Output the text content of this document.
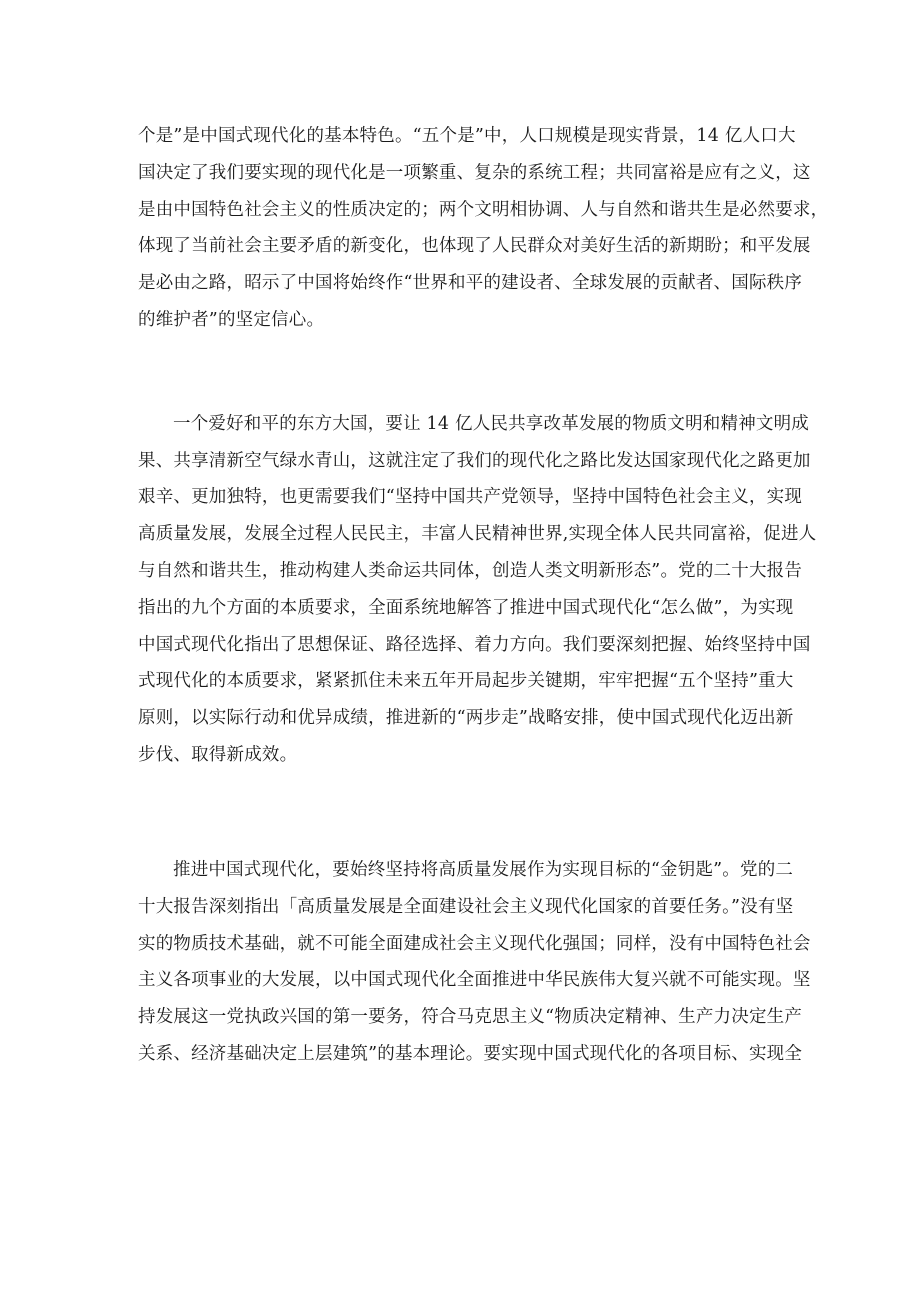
个是”是中国式现代化的基本特色。“五个是”中，人口规模是现实背景，14 亿人口大
国决定了我们要实现的现代化是一项繁重、复杂的系统工程；共同富裕是应有之义，这
是由中国特色社会主义的性质决定的；两个文明相协调、人与自然和谐共生是必然要求，
体现了当前社会主要矛盾的新变化，也体现了人民群众对美好生活的新期盼；和平发展
是必由之路，昭示了中国将始终作“世界和平的建设者、全球发展的贡献者、国际秩序
的维护者”的坚定信心。
一个爱好和平的东方大国，要让 14 亿人民共享改革发展的物质文明和精神文明成
果、共享清新空气绿水青山，这就注定了我们的现代化之路比发达国家现代化之路更加
艰辛、更加独特，也更需要我们“坚持中国共产党领导，坚持中国特色社会主义，实现
高质量发展，发展全过程人民民主，丰富人民精神世界,实现全体人民共同富裕，促进人
与自然和谐共生，推动构建人类命运共同体，创造人类文明新形态”。党的二十大报告
指出的九个方面的本质要求，全面系统地解答了推进中国式现代化“怎么做”，为实现
中国式现代化指出了思想保证、路径选择、着力方向。我们要深刻把握、始终坚持中国
式现代化的本质要求，紧紧抓住未来五年开局起步关键期，牢牢把握“五个坚持”重大
原则，以实际行动和优异成绩，推进新的“两步走”战略安排，使中国式现代化迈出新
步伐、取得新成效。
推进中国式现代化，要始终坚持将高质量发展作为实现目标的“金钥匙”。党的二
十大报告深刻指出「高质量发展是全面建设社会主义现代化国家的首要任务。”没有坚
实的物质技术基础，就不可能全面建成社会主义现代化强国；同样，没有中国特色社会
主义各项事业的大发展，以中国式现代化全面推进中华民族伟大复兴就不可能实现。坚
持发展这一党执政兴国的第一要务，符合马克思主义“物质决定精神、生产力决定生产
关系、经济基础决定上层建筑”的基本理论。要实现中国式现代化的各项目标、实现全
